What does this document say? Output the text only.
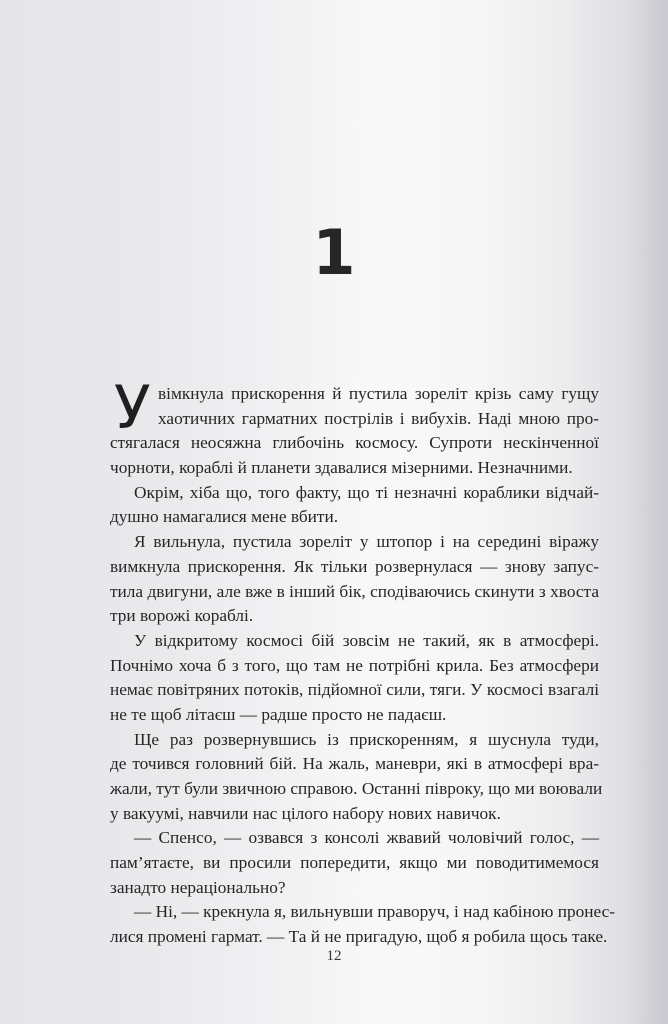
1
У вімкнула прискорення й пустила зореліт крізь саму гущу
хаотичних гарматних пострілів і вибухів. Наді мною про-
стягалася неосяжна глибочінь космосу. Супроти нескінченної
чорноти, кораблі й планети здавалися мізерними. Незначними.
Окрім, хіба що, того факту, що ті незначні кораблики відчай-
душно намагалися мене вбити.
Я вильнула, пустила зореліт у штопор і на середині віражу
вимкнула прискорення. Як тільки розвернулася — знову запус-
тила двигуни, але вже в інший бік, сподіваючись скинути з хвоста
три ворожі кораблі.
У відкритому космосі бій зовсім не такий, як в атмосфері.
Почнімо хоча б з того, що там не потрібні крила. Без атмосфери
немає повітряних потоків, підйомної сили, тяги. У космосі взагалі
не те щоб літаєш — радше просто не падаєш.
Ще раз розвернувшись із прискоренням, я шуснула туди,
де точився головний бій. На жаль, маневри, які в атмосфері вра-
жали, тут були звичною справою. Останні півроку, що ми воювали
у вакуумі, навчили нас цілого набору нових навичок.
— Спенсо, — озвався з консолі жвавий чоловічий голос, —
пам’ятаєте, ви просили попередити, якщо ми поводитимемося
занадто нераціонально?
— Ні, — крекнула я, вильнувши праворуч, і над кабіною пронес-
лися промені гармат. — Та й не пригадую, щоб я робила щось таке.
12
